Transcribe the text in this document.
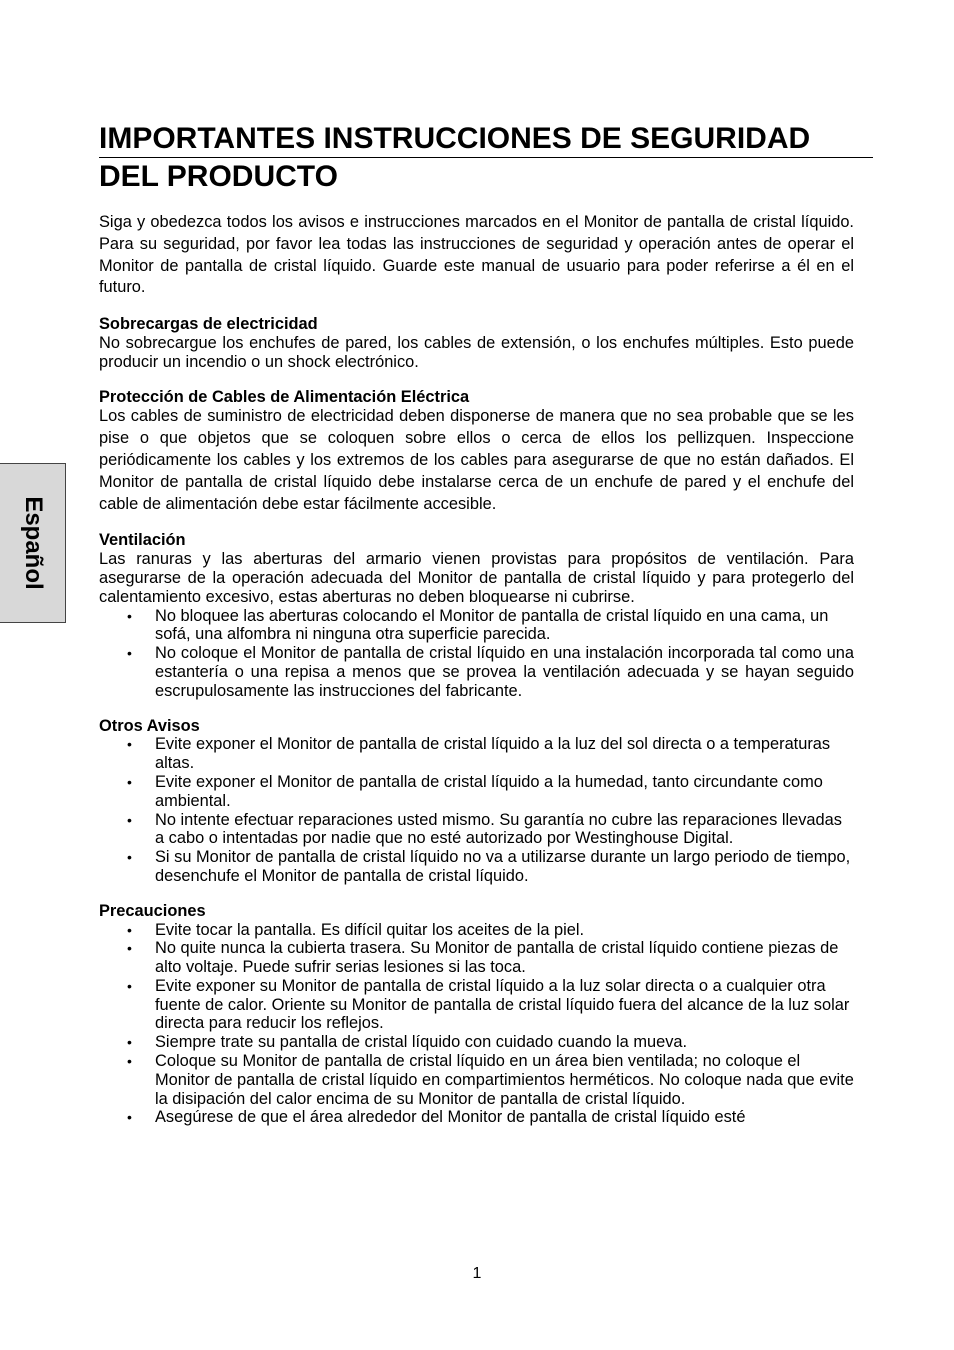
IMPORTANTES INSTRUCCIONES DE SEGURIDAD
DEL PRODUCTO
Español

Siga y obedezca todos los avisos e instrucciones marcados en el Monitor de pantalla de cristal líquido. Para su seguridad, por favor lea todas las instrucciones de seguridad y operación antes de operar el Monitor de pantalla de cristal líquido. Guarde este manual de usuario para poder referirse a él en el futuro.

Sobrecargas de electricidad

No sobrecargue los enchufes de pared, los cables de extensión, o los enchufes múltiples. Esto puede producir un incendio o un shock electrónico.

Protección de Cables de Alimentación Eléctrica

Los cables de suministro de electricidad deben disponerse de manera que no sea probable que se les pise o que objetos que se coloquen sobre ellos o cerca de ellos los pellizquen. Inspeccione periódicamente los cables y los extremos de los cables para asegurarse de que no están dañados. El Monitor de pantalla de cristal líquido debe instalarse cerca de un enchufe de pared y el enchufe del cable de alimentación debe estar fácilmente accesible.

Ventilación

Las ranuras y las aberturas del armario vienen provistas para propósitos de ventilación. Para asegurarse de la operación adecuada del Monitor de pantalla de cristal líquido y para protegerlo del calentamiento excesivo, estas aberturas no deben bloquearse ni cubrirse.

• No bloquee las aberturas colocando el Monitor de pantalla de cristal líquido en una cama, un sofá, una alfombra ni ninguna otra superficie parecida.
• No coloque el Monitor de pantalla de cristal líquido en una instalación incorporada tal como una estantería o una repisa a menos que se provea la ventilación adecuada y se hayan seguido escrupulosamente las instrucciones del fabricante.
Otros Avisos
• Evite exponer el Monitor de pantalla de cristal líquido a la luz del sol directa o a temperaturas altas.
• Evite exponer el Monitor de pantalla de cristal líquido a la humedad, tanto circundante como ambiental.
• No intente efectuar reparaciones usted mismo. Su garantía no cubre las reparaciones llevadas a cabo o intentadas por nadie que no esté autorizado por Westinghouse Digital.
• Si su Monitor de pantalla de cristal líquido no va a utilizarse durante un largo periodo de tiempo, desenchufe el Monitor de pantalla de cristal líquido.
Precauciones
• Evite tocar la pantalla. Es difícil quitar los aceites de la piel.
• No quite nunca la cubierta trasera. Su Monitor de pantalla de cristal líquido contiene piezas de alto voltaje. Puede sufrir serias lesiones si las toca.
• Evite exponer su Monitor de pantalla de cristal líquido a la luz solar directa o a cualquier otra fuente de calor. Oriente su Monitor de pantalla de cristal líquido fuera del alcance de la luz solar directa para reducir los reflejos.
• Siempre trate su pantalla de cristal líquido con cuidado cuando la mueva.
• Coloque su Monitor de pantalla de cristal líquido en un área bien ventilada; no coloque el Monitor de pantalla de cristal líquido en compartimientos herméticos. No coloque nada que evite la disipación del calor encima de su Monitor de pantalla de cristal líquido.
• Asegúrese de que el área alrededor del Monitor de pantalla de cristal líquido esté
1
